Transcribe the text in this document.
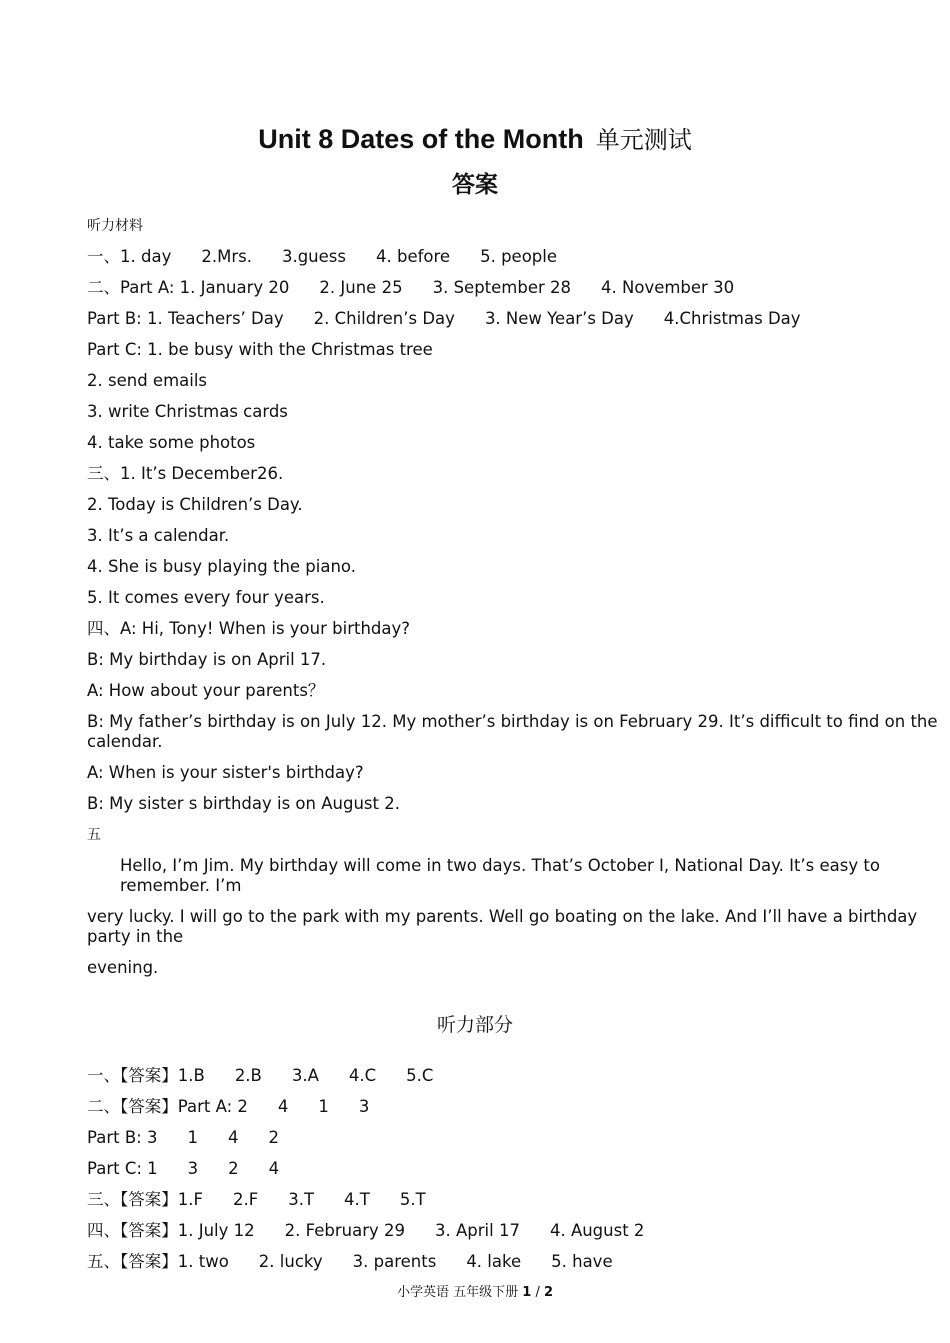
Unit 8 Dates of the Month 单元测试
答案
听力材料
一、1. day 2.Mrs. 3.guess 4. before 5. people
二、Part A: 1. January 20 2. June 25 3. September 28 4. November 30
Part B: 1. Teachers’ Day 2. Children’s Day 3. New Year’s Day 4.Christmas Day
Part C: 1. be busy with the Christmas tree
2. send emails
3. write Christmas cards
4. take some photos
三、1. It’s December26.
2. Today is Children’s Day.
3. It’s a calendar.
4. She is busy playing the piano.
5. It comes every four years.
四、A: Hi, Tony! When is your birthday?
B: My birthday is on April 17.
A: How about your parents？
B: My father’s birthday is on July 12. My mother’s birthday is on February 29. It’s difficult to find on the calendar.
A: When is your sister's birthday?
B: My sister s birthday is on August 2.
五
Hello, I’m Jim. My birthday will come in two days. That’s October I, National Day. It’s easy to remember. I’m
very lucky. I will go to the park with my parents. Well go boating on the lake. And I’ll have a birthday party in the
evening.
听力部分
一、【答案】1.B 2.B 3.A 4.C 5.C
二、【答案】Part A: 2 4 1 3
Part B: 3 1 4 2
Part C: 1 3 2 4
三、【答案】1.F 2.F 3.T 4.T 5.T
四、【答案】1. July 12 2. February 29 3. April 17 4. August 2
五、【答案】1. two 2. lucky 3. parents 4. lake 5. have
小学英语 五年级下册 1 / 2
